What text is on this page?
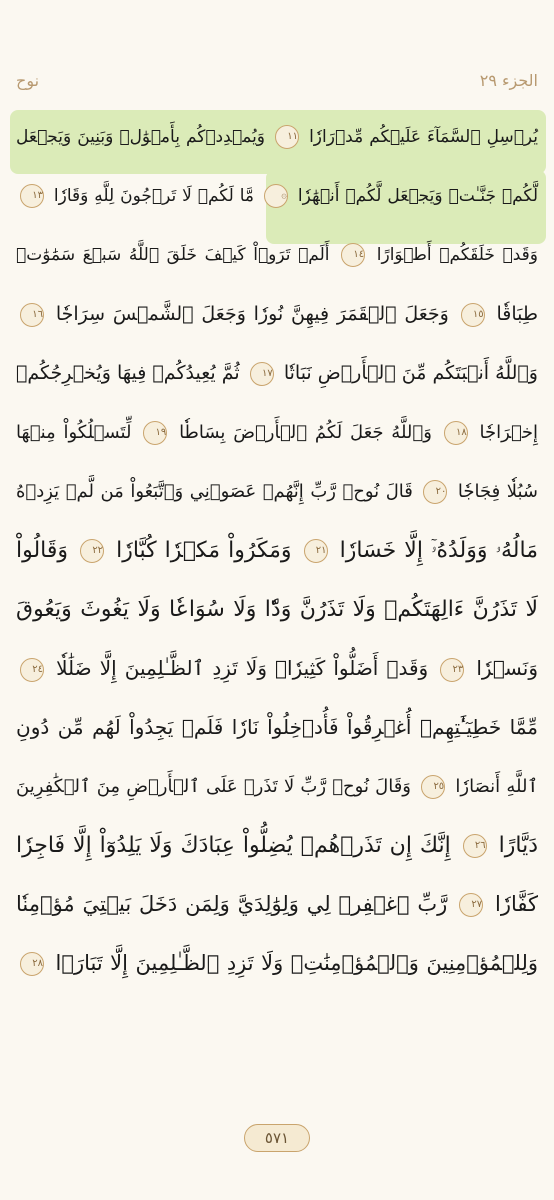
نوح	الجزء ٢٩
يُرۡسِلِ ٱلسَّمَآءَ عَلَيۡكُم مِّدۡرَارٗا ١١ وَيُمۡدِدۡكُم بِأَمۡوَٰلٖ وَبَنِينَ وَيَجۡعَل
لَّكُمۡ جَنَّـٰتٖ وَيَجۡعَل لَّكُمۡ أَنۡهَٰرٗا ۞ مَّا لَكُمۡ لَا تَرۡجُونَ لِلَّهِ وَقَارٗا ١٣
وَقَدۡ خَلَقَكُمۡ أَطۡوَارًا ١٤ أَلَمۡ تَرَوۡاْ كَيۡفَ خَلَقَ ٱللَّهُ سَبۡعَ سَمَٰوَٰتٖ
طِبَاقٗا ١٥ وَجَعَلَ ٱلۡقَمَرَ فِيهِنَّ نُورٗا وَجَعَلَ ٱلشَّمۡسَ سِرَاجٗا ١٦
وَٱللَّهُ أَنۢبَتَكُم مِّنَ ٱلۡأَرۡضِ نَبَاتٗا ١٧ ثُمَّ يُعِيدُكُمۡ فِيهَا وَيُخۡرِجُكُمۡ
إِخۡرَاجٗا ١٨ وَٱللَّهُ جَعَلَ لَكُمُ ٱلۡأَرۡضَ بِسَاطٗا ١٩ لِّتَسۡلُكُواْ مِنۡهَا
سُبُلٗا فِجَاجٗا ٢٠ قَالَ نُوحٞ رَّبِّ إِنَّهُمۡ عَصَوۡنِي وَٱتَّبَعُواْ مَن لَّمۡ يَزِدۡهُ
مَالُهُۥ وَوَلَدُهُۥٓ إِلَّا خَسَارٗا ٢١ وَمَكَرُواْ مَكۡرٗا كُبَّارٗا ٢٢ وَقَالُواْ
لَا تَذَرُنَّ ءَالِهَتَكُمۡ وَلَا تَذَرُنَّ وَدّٗا وَلَا سُوَاعٗا وَلَا يَغُوثَ وَيَعُوقَ
وَنَسۡرٗا ٢٣ وَقَدۡ أَضَلُّواْ كَثِيرٗاۖ وَلَا تَزِدِ ٱلظَّـٰلِمِينَ إِلَّا ضَلَٰلٗا ٢٤
مِّمَّا خَطِيٓـَٰٔتِهِمۡ أُغۡرِقُواْ فَأُدۡخِلُواْ نَارٗا فَلَمۡ يَجِدُواْ لَهُم مِّن دُونِ
ٱللَّهِ أَنصَارٗا ٢٥ وَقَالَ نُوحٞ رَّبِّ لَا تَذَرۡ عَلَى ٱلۡأَرۡضِ مِنَ ٱلۡكَٰفِرِينَ
دَيَّارًا ٢٦ إِنَّكَ إِن تَذَرۡهُمۡ يُضِلُّواْ عِبَادَكَ وَلَا يَلِدُوٓاْ إِلَّا فَاجِرٗا
كَفَّارٗا ٢٧ رَّبِّ ٱغۡفِرۡ لِي وَلِوَٰلِدَيَّ وَلِمَن دَخَلَ بَيۡتِيَ مُؤۡمِنٗا
وَلِلۡمُؤۡمِنِينَ وَٱلۡمُؤۡمِنَٰتِۖ وَلَا تَزِدِ ٱلظَّـٰلِمِينَ إِلَّا تَبَارَۢا ٢٨
٥٧١
